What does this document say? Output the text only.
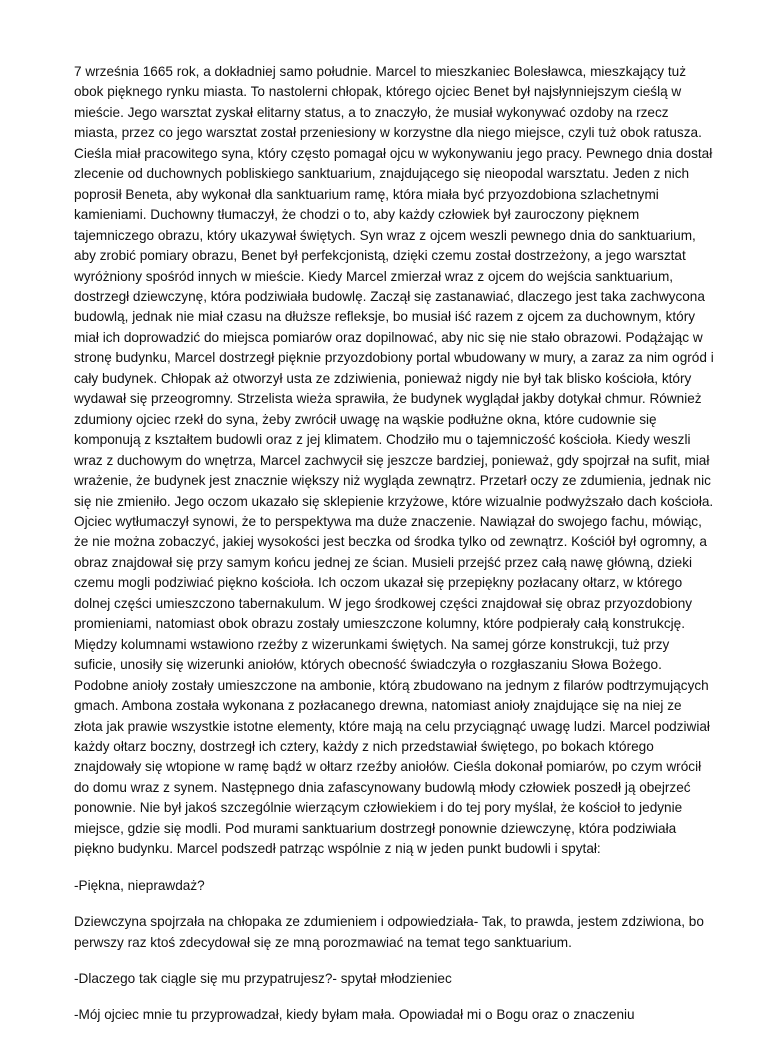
7 września 1665 rok, a dokładniej samo południe. Marcel to mieszkaniec Bolesławca, mieszkający tuż obok pięknego rynku miasta. To nastolerni chłopak, którego ojciec Benet był najsłynniejszym cieślą w mieście. Jego warsztat zyskał elitarny status, a to znaczyło, że musiał wykonywać ozdoby na rzecz miasta, przez co jego warsztat został przeniesiony w korzystne dla niego miejsce, czyli tuż obok ratusza. Cieśla miał pracowitego syna, który często pomagał ojcu w wykonywaniu jego pracy. Pewnego dnia dostał zlecenie od duchownych pobliskiego sanktuarium, znajdującego się nieopodal warsztatu. Jeden z nich poprosił Beneta, aby wykonał dla sanktuarium ramę, która miała być przyozdobiona szlachetnymi kamieniami. Duchowny tłumaczył, że chodzi o to, aby każdy człowiek był zauroczony pięknem tajemniczego obrazu, który ukazywał świętych. Syn wraz z ojcem weszli pewnego dnia do sanktuarium, aby zrobić pomiary obrazu, Benet był perfekcjonistą, dzięki czemu został dostrzeżony, a jego warsztat wyróżniony spośród innych w mieście. Kiedy Marcel zmierzał wraz z ojcem do wejścia sanktuarium, dostrzegł dziewczynę, która podziwiała budowlę. Zaczął się zastanawiać, dlaczego jest taka zachwycona budowlą, jednak nie miał czasu na dłuższe refleksje, bo musiał iść razem z ojcem za duchownym, który miał ich doprowadzić do miejsca pomiarów oraz dopilnować, aby nic się nie stało obrazowi. Podążając w stronę budynku, Marcel dostrzegł pięknie przyozdobiony portal wbudowany w mury, a zaraz za nim ogród i cały budynek. Chłopak aż otworzył usta ze zdziwienia, ponieważ nigdy nie był tak blisko kościoła, który wydawał się przeogromny. Strzelista wieża sprawiła, że budynek wyglądał jakby dotykał chmur. Również zdumiony ojciec rzekł do syna, żeby zwrócił uwagę na wąskie podłużne okna, które cudownie się komponują z kształtem budowli oraz z jej klimatem. Chodziło mu o tajemniczość kościoła. Kiedy weszli wraz z duchowym do wnętrza, Marcel zachwycił się jeszcze bardziej, ponieważ, gdy spojrzał na sufit, miał wrażenie, że budynek jest znacznie większy niż wygląda zewnątrz. Przetarł oczy ze zdumienia, jednak nic się nie zmieniło. Jego oczom ukazało się sklepienie krzyżowe, które wizualnie podwyższało dach kościoła. Ojciec wytłumaczył synowi, że to perspektywa ma duże znaczenie. Nawiązał do swojego fachu, mówiąc, że nie można zobaczyć, jakiej wysokości jest beczka od środka tylko od zewnątrz. Kościół był ogromny, a obraz znajdował się przy samym końcu jednej ze ścian. Musieli przejść przez całą nawę główną, dzieki czemu mogli podziwiać piękno kościoła. Ich oczom ukazał się przepiękny pozłacany ołtarz, w którego dolnej części umieszczono tabernakulum. W jego środkowej części znajdował się obraz przyozdobiony promieniami, natomiast obok obrazu zostały umieszczone kolumny, które podpierały całą konstrukcję. Między kolumnami wstawiono rzeźby z wizerunkami świętych. Na samej górze konstrukcji, tuż przy suficie, unosiły się wizerunki aniołów, których obecność świadczyła o rozgłaszaniu Słowa Bożego. Podobne anioły zostały umieszczone na ambonie, którą zbudowano na jednym z filarów podtrzymujących gmach. Ambona została wykonana z pozłacanego drewna, natomiast anioły znajdujące się na niej ze złota jak prawie wszystkie istotne elementy, które mają na celu przyciągnąć uwagę ludzi. Marcel podziwiał każdy ołtarz boczny, dostrzegł ich cztery, każdy z nich przedstawiał świętego, po bokach którego znajdowały się wtopione w ramę bądź w ołtarz rzeźby aniołów. Cieśla dokonał pomiarów, po czym wrócił do domu wraz z synem. Następnego dnia zafascynowany budowlą młody człowiek poszedł ją obejrzeć ponownie. Nie był jakoś szczególnie wierzącym człowiekiem i do tej pory myślał, że kościoł to jedynie miejsce, gdzie się modli. Pod murami sanktuarium dostrzegł ponownie dziewczynę, która podziwiała piękno budynku. Marcel podszedł patrząc wspólnie z nią w jeden punkt budowli i spytał:

-Piękna, nieprawdaż?

Dziewczyna spojrzała na chłopaka ze zdumieniem i odpowiedziała- Tak, to prawda, jestem zdziwiona, bo perwszy raz ktoś zdecydował się ze mną porozmawiać na temat tego sanktuarium.

-Dlaczego tak ciągle się mu przypatrujesz?- spytał młodzieniec

-Mój ojciec mnie tu przyprowadzał, kiedy byłam mała. Opowiadał mi o Bogu oraz o znaczeniu
